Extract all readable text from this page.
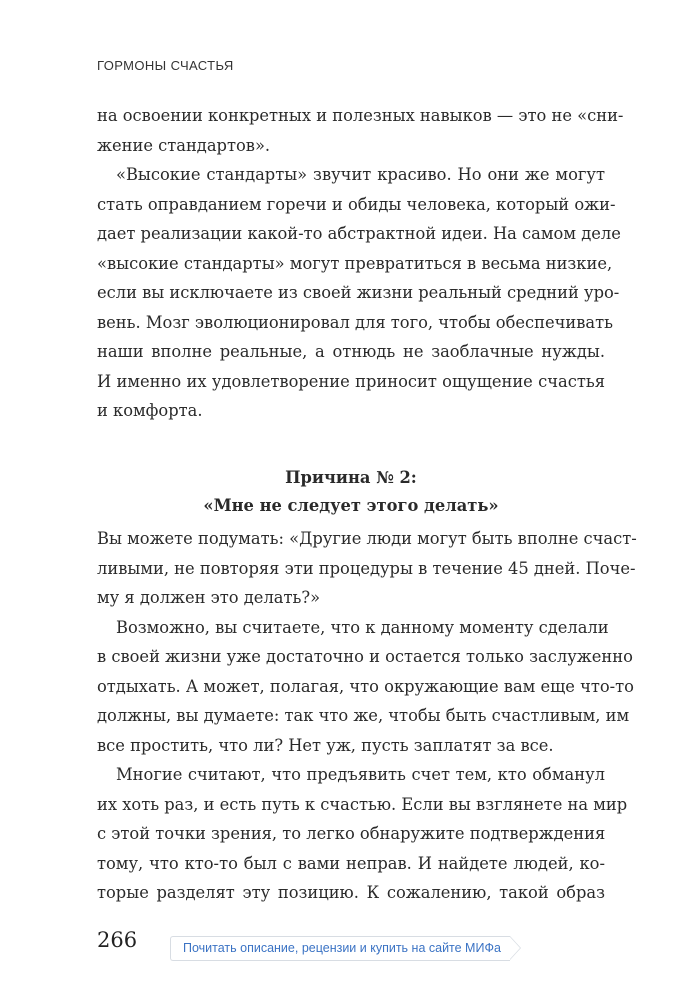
ГОРМОНЫ СЧАСТЬЯ
на освоении конкретных и полезных навыков — это не «сни-
жение стандартов».
«Высокие стандарты» звучит красиво. Но они же могут
стать оправданием горечи и обиды человека, который ожи-
дает реализации какой-то абстрактной идеи. На самом деле
«высокие стандарты» могут превратиться в весьма низкие,
если вы исключаете из своей жизни реальный средний уро-
вень. Мозг эволюционировал для того, чтобы обеспечивать
наши вполне реальные, а отнюдь не заоблачные нужды.
И именно их удовлетворение приносит ощущение счастья
и комфорта.
Причина № 2:
«Мне не следует этого делать»
Вы можете подумать: «Другие люди могут быть вполне счаст-
ливыми, не повторяя эти процедуры в течение 45 дней. Поче-
му я должен это делать?»
Возможно, вы считаете, что к данному моменту сделали
в своей жизни уже достаточно и остается только заслуженно
отдыхать. А может, полагая, что окружающие вам еще что-то
должны, вы думаете: так что же, чтобы быть счастливым, им
все простить, что ли? Нет уж, пусть заплатят за все.
Многие считают, что предъявить счет тем, кто обманул
их хоть раз, и есть путь к счастью. Если вы взглянете на мир
с этой точки зрения, то легко обнаружите подтверждения
тому, что кто-то был с вами неправ. И найдете людей, ко-
торые разделят эту позицию. К сожалению, такой образ
266	Почитать описание, рецензии и купить на сайте МИФа
